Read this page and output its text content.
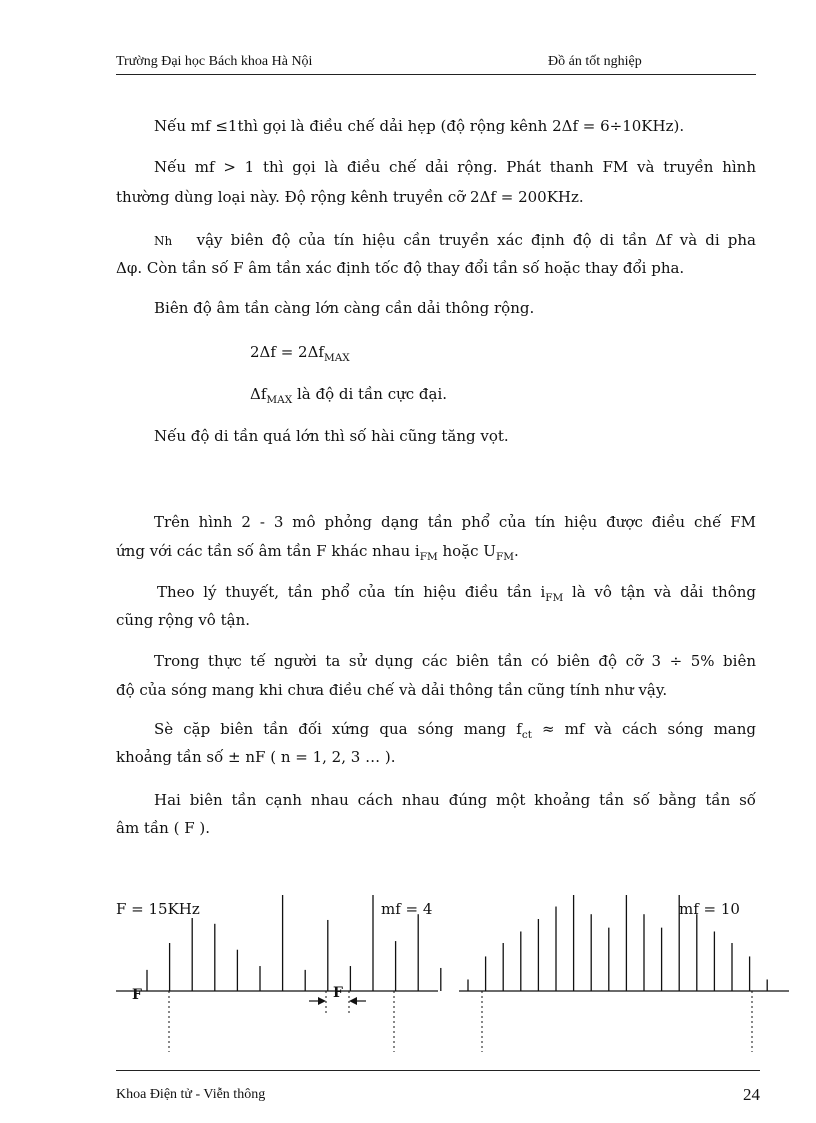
Trường Đại học Bách khoa Hà Nội	Đồ án tốt nghiệp

Nếu mf ≤1thì gọi là điều chế dải hẹp (độ rộng kênh 2Δf = 6÷10KHz).

Nếu mf > 1 thì gọi là điều chế dải rộng. Phát thanh FM và truyền hình

thường dùng loại này. Độ rộng kênh truyền cỡ 2Δf = 200KHz.

Nh vậy biên độ của tín hiệu cần truyền xác định độ di tần Δf và di pha

Δφ. Còn tần số F âm tần xác định tốc độ thay đổi tần số hoặc thay đổi pha.

Biên độ âm tần càng lớn càng cần dải thông rộng.

$2\Delta f = 2\Delta f_{MAX}$

$\Delta f_{MAX}$ là độ di tần cực đại.

Nếu độ di tần quá lớn thì số hài cũng tăng vọt.

Trên hình 2 - 3 mô phỏng dạng tần phổ của tín hiệu được điều chế FM

ứng với các tần số âm tần F khác nhau $i_{FM}$ hoặc $U_{FM}$.

Theo lý thuyết, tần phổ của tín hiệu điều tần $i_{FM}$ là vô tận và dải thông

cũng rộng vô tận.

Trong thực tế người ta sử dụng các biên tần có biên độ cỡ 3 ÷ 5% biên

độ của sóng mang khi chưa điều chế và dải thông tần cũng tính như vậy.

Sè cặp biên tần đối xứng qua sóng mang $f_{ct}$ ≈ mf và cách sóng mang

khoảng tần số ± nF ( n = 1, 2, 3 … ).

Hai biên tần cạnh nhau cách nhau đúng một khoảng tần số bằng tần số

âm tần ( F ).

F = 15KHz	mf = 4	mf = 10
F	F
Khoa Điện tử - Viễn thông	24
